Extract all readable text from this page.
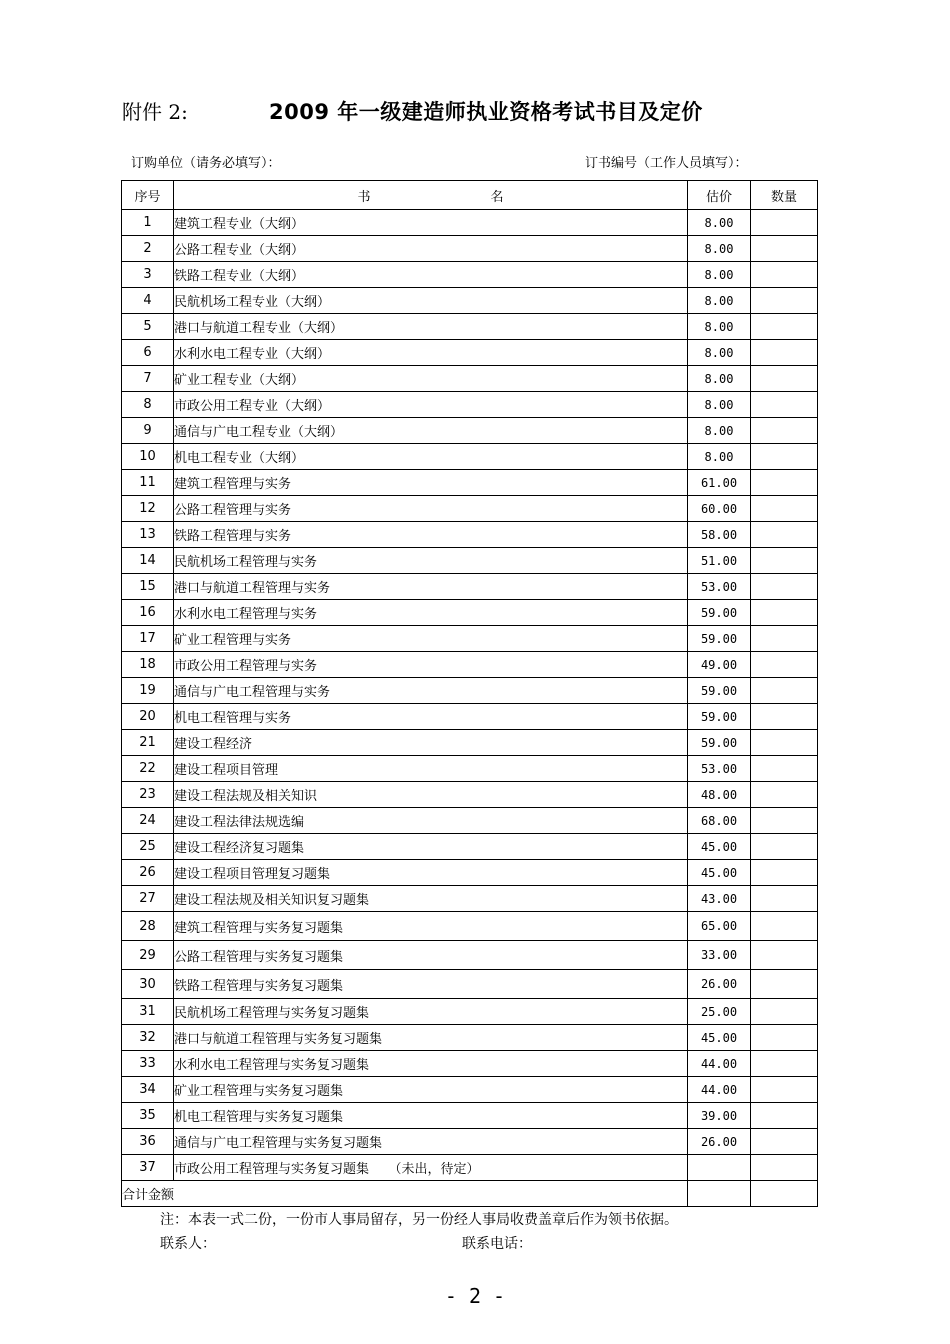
附件 2:	2009 年一级建造师执业资格考试书目及定价
订购单位（请务必填写）：	订书编号（工作人员填写）：
序号	书 名	估价	数量
1	建筑工程专业（大纲）	8.00	
2	公路工程专业（大纲）	8.00	
3	铁路工程专业（大纲）	8.00	
4	民航机场工程专业（大纲）	8.00	
5	港口与航道工程专业（大纲）	8.00	
6	水利水电工程专业（大纲）	8.00	
7	矿业工程专业（大纲）	8.00	
8	市政公用工程专业（大纲）	8.00	
9	通信与广电工程专业（大纲）	8.00	
10	机电工程专业（大纲）	8.00	
11	建筑工程管理与实务	61.00	
12	公路工程管理与实务	60.00	
13	铁路工程管理与实务	58.00	
14	民航机场工程管理与实务	51.00	
15	港口与航道工程管理与实务	53.00	
16	水利水电工程管理与实务	59.00	
17	矿业工程管理与实务	59.00	
18	市政公用工程管理与实务	49.00	
19	通信与广电工程管理与实务	59.00	
20	机电工程管理与实务	59.00	
21	建设工程经济	59.00	
22	建设工程项目管理	53.00	
23	建设工程法规及相关知识	48.00	
24	建设工程法律法规选编	68.00	
25	建设工程经济复习题集	45.00	
26	建设工程项目管理复习题集	45.00	
27	建设工程法规及相关知识复习题集	43.00	
28	建筑工程管理与实务复习题集	65.00	
29	公路工程管理与实务复习题集	33.00	
30	铁路工程管理与实务复习题集	26.00	
31	民航机场工程管理与实务复习题集	25.00	
32	港口与航道工程管理与实务复习题集	45.00	
33	水利水电工程管理与实务复习题集	44.00	
34	矿业工程管理与实务复习题集	44.00	
35	机电工程管理与实务复习题集	39.00	
36	通信与广电工程管理与实务复习题集	26.00	
37	市政公用工程管理与实务复习题集　　（未出，待定）		
合计金额			
注：本表一式二份，一份市人事局留存，另一份经人事局收费盖章后作为领书依据。
联系人：	联系电话：
- 2 -
